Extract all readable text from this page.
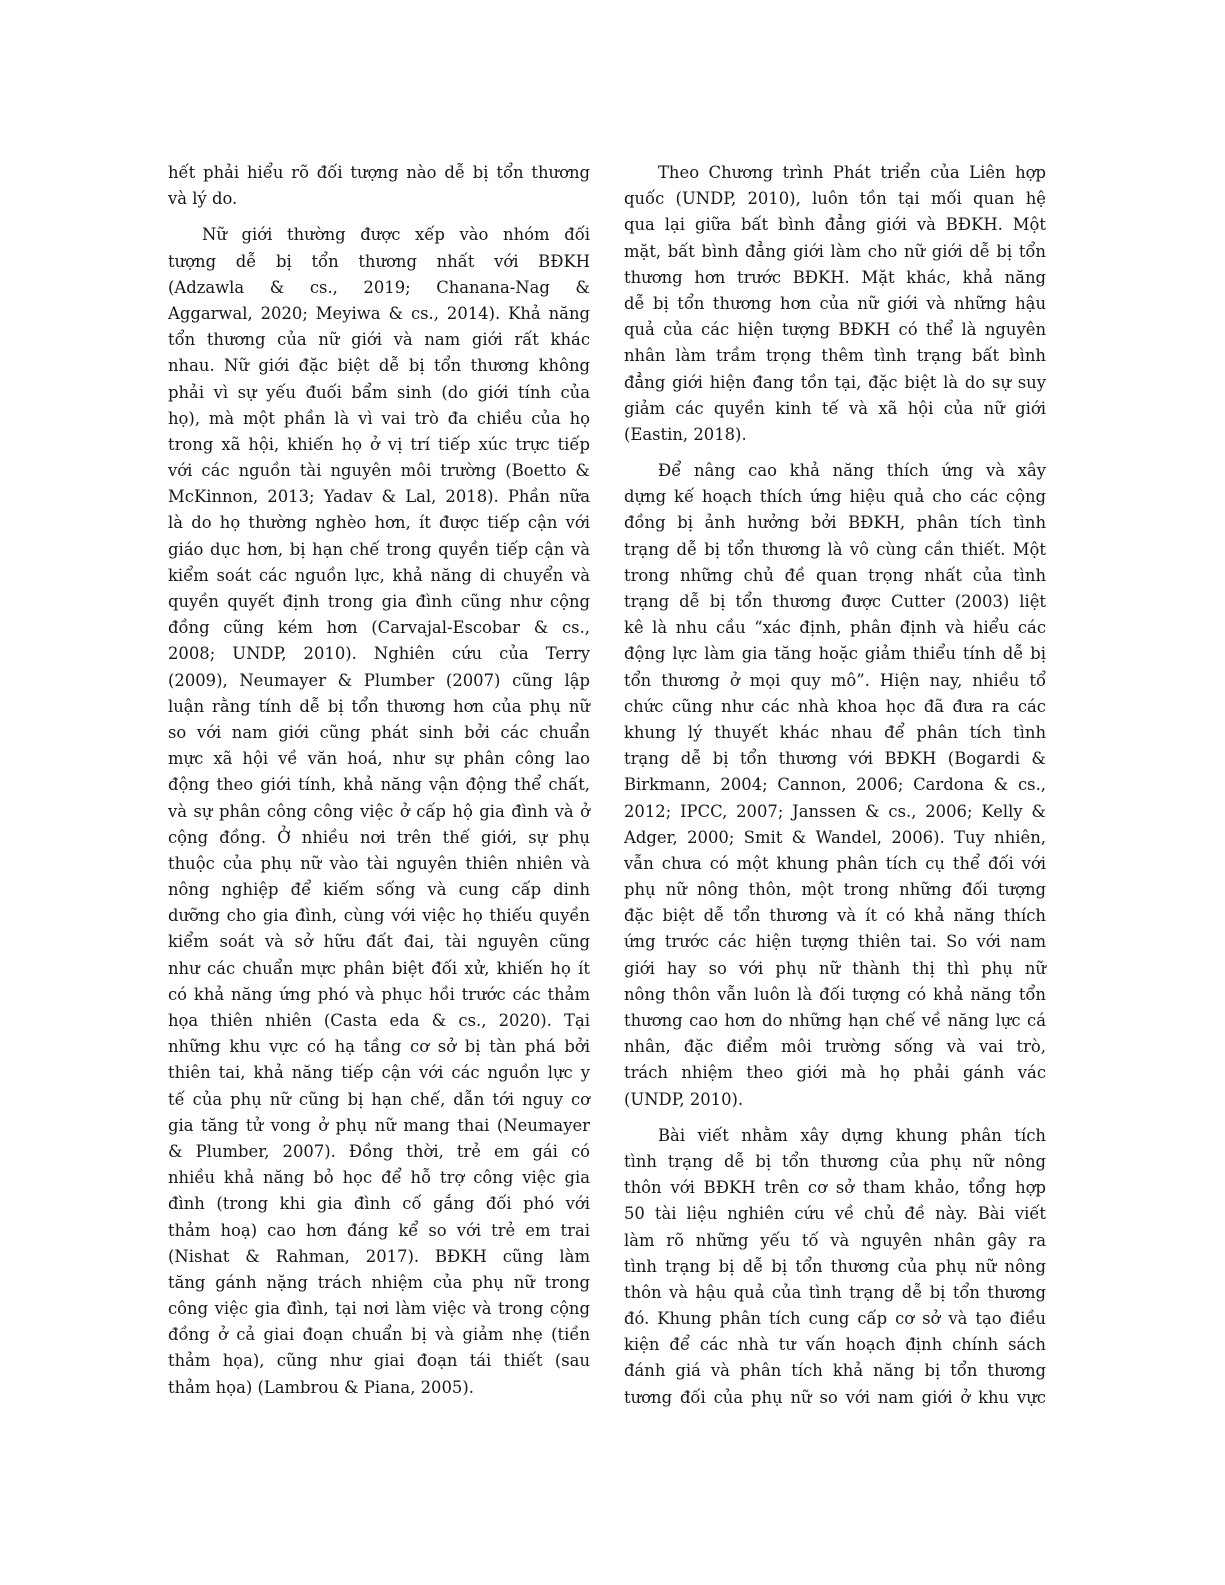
hết phải hiểu rõ đối tượng nào dễ bị tổn thương
và lý do.
Nữ giới thường được xếp vào nhóm đối
tượng dễ bị tổn thương nhất với BĐKH
(Adzawla & cs., 2019; Chanana-Nag &
Aggarwal, 2020; Meyiwa & cs., 2014). Khả năng
tổn thương của nữ giới và nam giới rất khác
nhau. Nữ giới đặc biệt dễ bị tổn thương không
phải vì sự yếu đuối bẩm sinh (do giới tính của
họ), mà một phần là vì vai trò đa chiều của họ
trong xã hội, khiến họ ở vị trí tiếp xúc trực tiếp
với các nguồn tài nguyên môi trường (Boetto &
McKinnon, 2013; Yadav & Lal, 2018). Phần nữa
là do họ thường nghèo hơn, ít được tiếp cận với
giáo dục hơn, bị hạn chế trong quyền tiếp cận và
kiểm soát các nguồn lực, khả năng di chuyển và
quyền quyết định trong gia đình cũng như cộng
đồng cũng kém hơn (Carvajal-Escobar & cs.,
2008; UNDP, 2010). Nghiên cứu của Terry
(2009), Neumayer & Plumber (2007) cũng lập
luận rằng tính dễ bị tổn thương hơn của phụ nữ
so với nam giới cũng phát sinh bởi các chuẩn
mực xã hội về văn hoá, như sự phân công lao
động theo giới tính, khả năng vận động thể chất,
và sự phân công công việc ở cấp hộ gia đình và ở
cộng đồng. Ở nhiều nơi trên thế giới, sự phụ
thuộc của phụ nữ vào tài nguyên thiên nhiên và
nông nghiệp để kiếm sống và cung cấp dinh
dưỡng cho gia đình, cùng với việc họ thiếu quyền
kiểm soát và sở hữu đất đai, tài nguyên cũng
như các chuẩn mực phân biệt đối xử, khiến họ ít
có khả năng ứng phó và phục hồi trước các thảm
họa thiên nhiên (Casta eda & cs., 2020). Tại
những khu vực có hạ tầng cơ sở bị tàn phá bởi
thiên tai, khả năng tiếp cận với các nguồn lực y
tế của phụ nữ cũng bị hạn chế, dẫn tới nguy cơ
gia tăng tử vong ở phụ nữ mang thai (Neumayer
& Plumber, 2007). Đồng thời, trẻ em gái có
nhiều khả năng bỏ học để hỗ trợ công việc gia
đình (trong khi gia đình cố gắng đối phó với
thảm hoạ) cao hơn đáng kể so với trẻ em trai
(Nishat & Rahman, 2017). BĐKH cũng làm
tăng gánh nặng trách nhiệm của phụ nữ trong
công việc gia đình, tại nơi làm việc và trong cộng
đồng ở cả giai đoạn chuẩn bị và giảm nhẹ (tiền
thảm họa), cũng như giai đoạn tái thiết (sau
thảm họa) (Lambrou & Piana, 2005).
Theo Chương trình Phát triển của Liên hợp
quốc (UNDP, 2010), luôn tồn tại mối quan hệ
qua lại giữa bất bình đẳng giới và BĐKH. Một
mặt, bất bình đẳng giới làm cho nữ giới dễ bị tổn
thương hơn trước BĐKH. Mặt khác, khả năng
dễ bị tổn thương hơn của nữ giới và những hậu
quả của các hiện tượng BĐKH có thể là nguyên
nhân làm trầm trọng thêm tình trạng bất bình
đẳng giới hiện đang tồn tại, đặc biệt là do sự suy
giảm các quyền kinh tế và xã hội của nữ giới
(Eastin, 2018).
Để nâng cao khả năng thích ứng và xây
dựng kế hoạch thích ứng hiệu quả cho các cộng
đồng bị ảnh hưởng bởi BĐKH, phân tích tình
trạng dễ bị tổn thương là vô cùng cần thiết. Một
trong những chủ đề quan trọng nhất của tình
trạng dễ bị tổn thương được Cutter (2003) liệt
kê là nhu cầu “xác định, phân định và hiểu các
động lực làm gia tăng hoặc giảm thiểu tính dễ bị
tổn thương ở mọi quy mô”. Hiện nay, nhiều tổ
chức cũng như các nhà khoa học đã đưa ra các
khung lý thuyết khác nhau để phân tích tình
trạng dễ bị tổn thương với BĐKH (Bogardi &
Birkmann, 2004; Cannon, 2006; Cardona & cs.,
2012; IPCC, 2007; Janssen & cs., 2006; Kelly &
Adger, 2000; Smit & Wandel, 2006). Tuy nhiên,
vẫn chưa có một khung phân tích cụ thể đối với
phụ nữ nông thôn, một trong những đối tượng
đặc biệt dễ tổn thương và ít có khả năng thích
ứng trước các hiện tượng thiên tai. So với nam
giới hay so với phụ nữ thành thị thì phụ nữ
nông thôn vẫn luôn là đối tượng có khả năng tổn
thương cao hơn do những hạn chế về năng lực cá
nhân, đặc điểm môi trường sống và vai trò,
trách nhiệm theo giới mà họ phải gánh vác
(UNDP, 2010).
Bài viết nhằm xây dựng khung phân tích
tình trạng dễ bị tổn thương của phụ nữ nông
thôn với BĐKH trên cơ sở tham khảo, tổng hợp
50 tài liệu nghiên cứu về chủ đề này. Bài viết
làm rõ những yếu tố và nguyên nhân gây ra
tình trạng bị dễ bị tổn thương của phụ nữ nông
thôn và hậu quả của tình trạng dễ bị tổn thương
đó. Khung phân tích cung cấp cơ sở và tạo điều
kiện để các nhà tư vấn hoạch định chính sách
đánh giá và phân tích khả năng bị tổn thương
tương đối của phụ nữ so với nam giới ở khu vực
